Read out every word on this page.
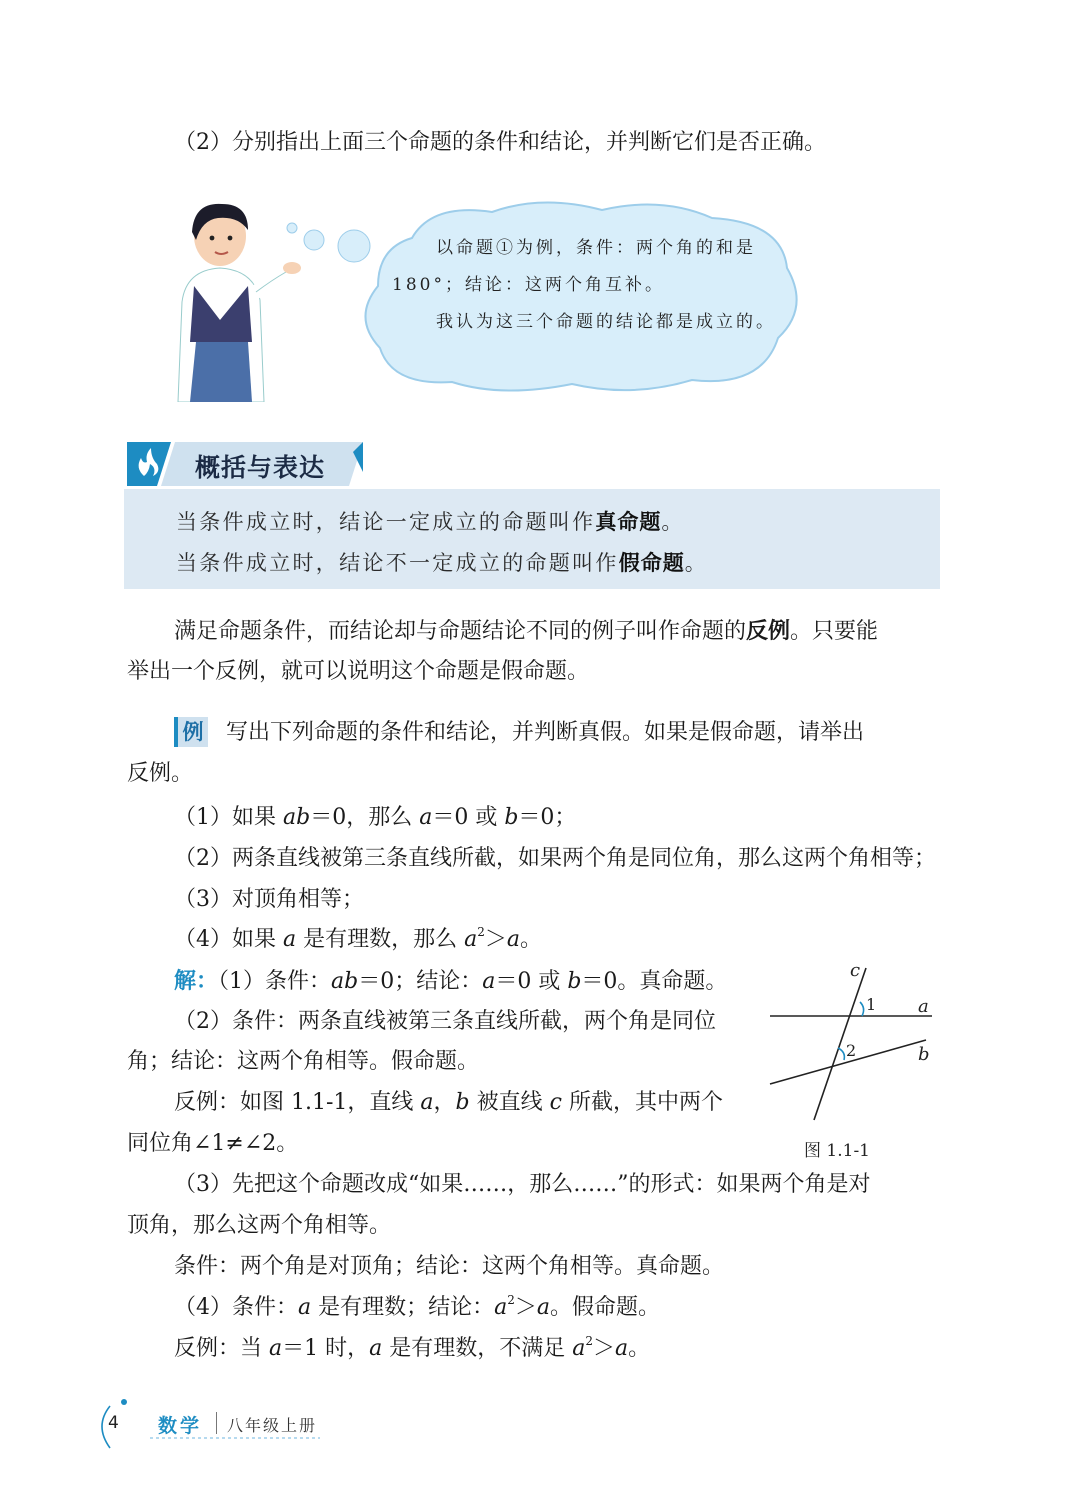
（2）分别指出上面三个命题的条件和结论，并判断它们是否正确。
以命题①为例，条件：两个角的和是
180°；结论：这两个角互补。
我认为这三个命题的结论都是成立的。
概括与表达
当条件成立时，结论一定成立的命题叫作真命题。
当条件成立时，结论不一定成立的命题叫作假命题。
满足命题条件，而结论却与命题结论不同的例子叫作命题的反例。只要能
举出一个反例，就可以说明这个命题是假命题。
例 写出下列命题的条件和结论，并判断真假。如果是假命题，请举出
反例。
（1）如果 ab＝0，那么 a＝0 或 b＝0；
（2）两条直线被第三条直线所截，如果两个角是同位角，那么这两个角相等；
（3）对顶角相等；
（4）如果 a 是有理数，那么 $a^2>a$。
解：（1）条件：ab＝0；结论：a＝0 或 b＝0。真命题。
（2）条件：两条直线被第三条直线所截，两个角是同位
角；结论：这两个角相等。假命题。
反例：如图 1.1-1，直线 a，b 被直线 c 所截，其中两个
同位角∠1≠∠2。
c
1 a
2	b
图 1.1-1
（3）先把这个命题改成“如果……，那么……”的形式：如果两个角是对
顶角，那么这两个角相等。
条件：两个角是对顶角；结论：这两个角相等。真命题。
（4）条件：a 是有理数；结论：$a^2>a$。假命题。
反例：当 a＝1 时，a 是有理数，不满足 $a^2>a$。
4 数学 八年级上册
